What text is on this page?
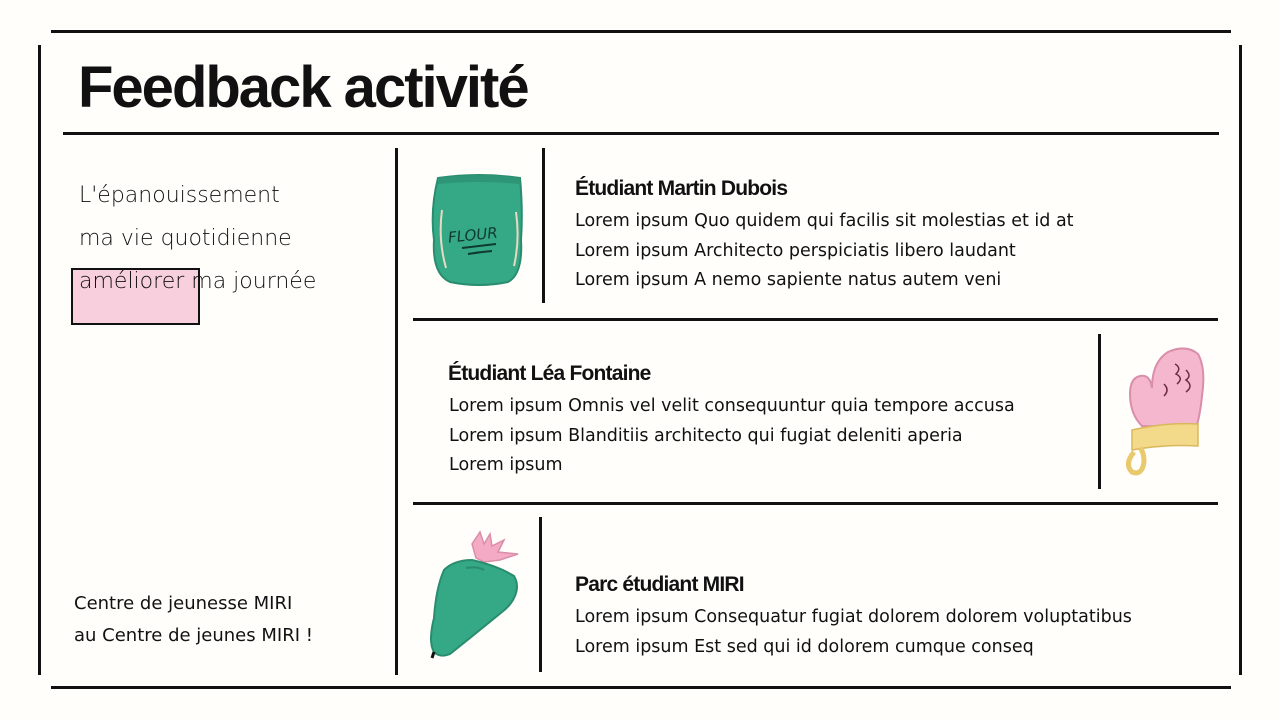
Feedback activité
L'épanouissement
ma vie quotidienne
améliorer ma journée
Centre de jeunesse MIRI
au Centre de jeunes MIRI !
FLOUR
Étudiant Martin Dubois
Lorem ipsum Quo quidem qui facilis sit molestias et id at
Lorem ipsum Architecto perspiciatis libero laudant
Lorem ipsum A nemo sapiente natus autem veni
Étudiant Léa Fontaine
Lorem ipsum Omnis vel velit consequuntur quia tempore accusa
Lorem ipsum Blanditiis architecto qui fugiat deleniti aperia
Lorem ipsum
Parc étudiant MIRI
Lorem ipsum Consequatur fugiat dolorem dolorem voluptatibus
Lorem ipsum Est sed qui id dolorem cumque conseq
